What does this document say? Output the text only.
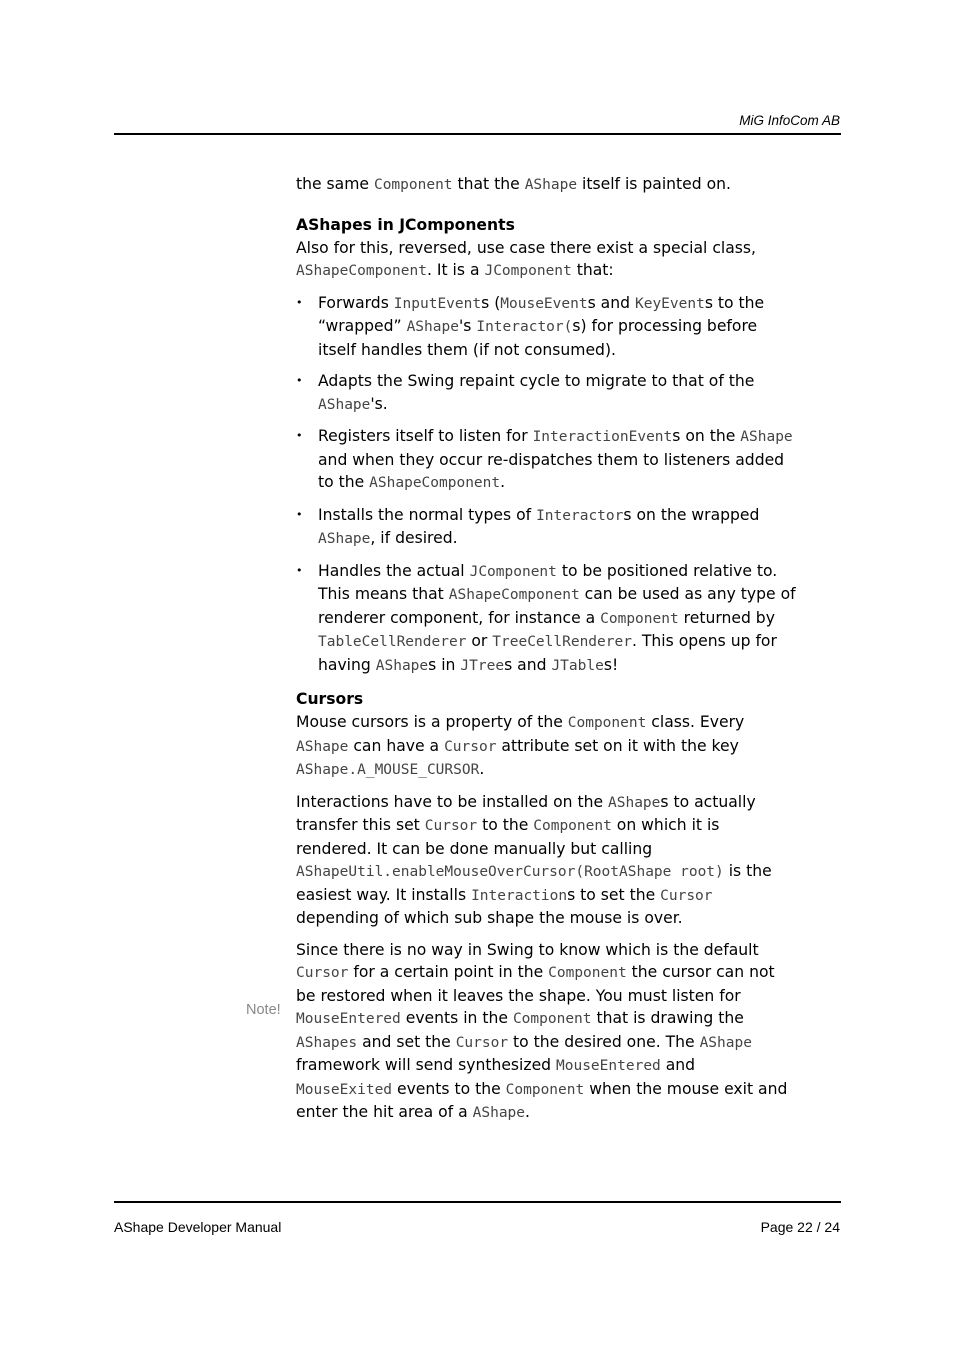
MiG InfoCom AB

the same Component that the AShape itself is painted on.

AShapes in JComponents

Also for this, reversed, use case there exist a special class, AShapeComponent. It is a JComponent that:

• Forwards InputEvents (MouseEvents and KeyEvents to the “wrapped” AShape's Interactor(s) for processing before itself handles them (if not consumed).
• Adapts the Swing repaint cycle to migrate to that of the AShape's.
• Registers itself to listen for InteractionEvents on the AShape and when they occur re-dispatches them to listeners added to the AShapeComponent.
• Installs the normal types of Interactors on the wrapped AShape, if desired.
• Handles the actual JComponent to be positioned relative to. This means that AShapeComponent can be used as any type of renderer component, for instance a Component returned by TableCellRenderer or TreeCellRenderer. This opens up for having AShapes in JTrees and JTables!
Cursors

Mouse cursors is a property of the Component class. Every AShape can have a Cursor attribute set on it with the key AShape.A_MOUSE_CURSOR.

Interactions have to be installed on the AShapes to actually transfer this set Cursor to the Component on which it is rendered. It can be done manually but calling AShapeUtil.enableMouseOverCursor(RootAShape root) is the easiest way. It installs Interactions to set the Cursor depending of which sub shape the mouse is over.

Since there is no way in Swing to know which is the default Cursor for a certain point in the Component the cursor can not be restored when it leaves the shape. You must listen for MouseEntered events in the Component that is drawing the AShapes and set the Cursor to the desired one. The AShape framework will send synthesized MouseEntered and MouseExited events to the Component when the mouse exit and enter the hit area of a AShape.

Note!
AShape Developer Manual	Page 22 / 24
